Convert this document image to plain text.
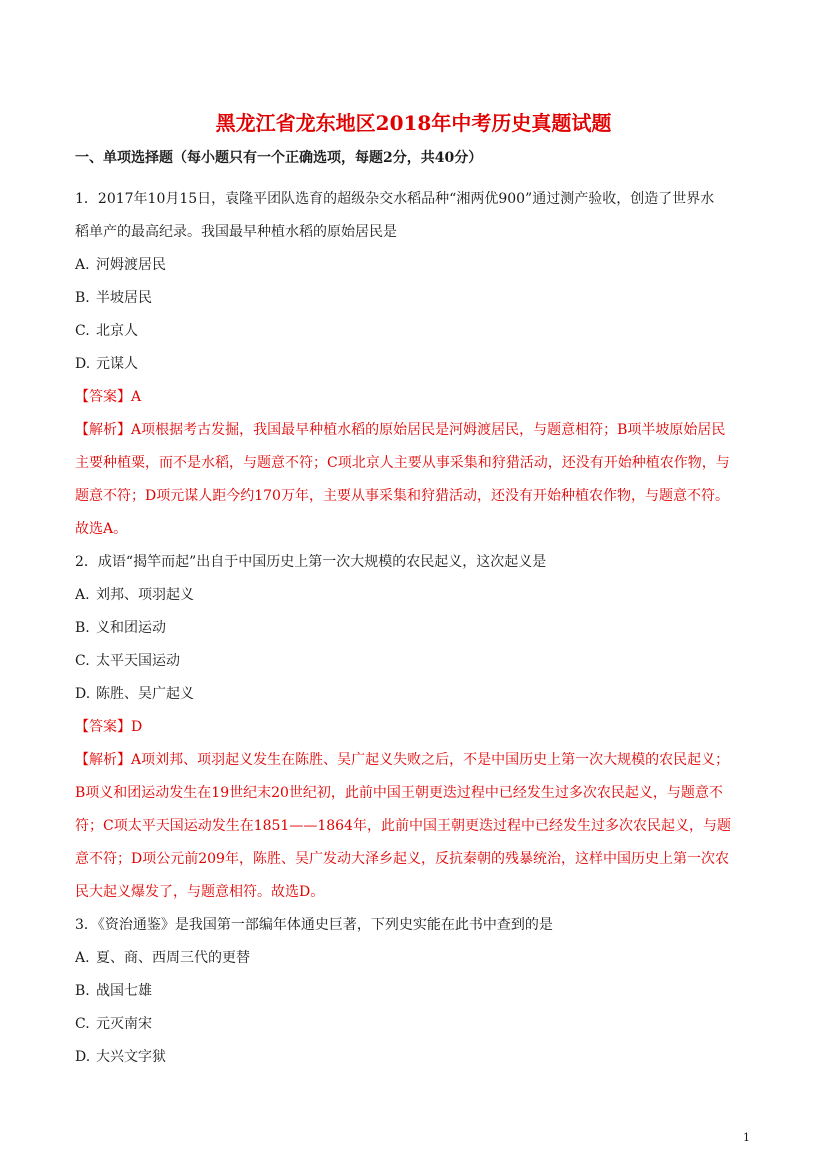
黑龙江省龙东地区2018年中考历史真题试题
一、单项选择题（每小题只有一个正确选项，每题2分，共40分）
1．2017年10月15日，袁隆平团队选育的超级杂交水稻品种“湘两优900”通过测产验收，创造了世界水
稻单产的最高纪录。我国最早种植水稻的原始居民是
A. 河姆渡居民
B. 半坡居民
C. 北京人
D. 元谋人
【答案】A
【解析】A项根据考古发掘，我国最早种植水稻的原始居民是河姆渡居民，与题意相符；B项半坡原始居民
主要种植粟，而不是水稻，与题意不符；C项北京人主要从事采集和狩猎活动，还没有开始种植农作物，与
题意不符；D项元谋人距今约170万年，主要从事采集和狩猎活动，还没有开始种植农作物，与题意不符。
故选A。
2．成语“揭竿而起”出自于中国历史上第一次大规模的农民起义，这次起义是
A. 刘邦、项羽起义
B. 义和团运动
C. 太平天国运动
D. 陈胜、吴广起义
【答案】D
【解析】A项刘邦、项羽起义发生在陈胜、吴广起义失败之后，不是中国历史上第一次大规模的农民起义；
B项义和团运动发生在19世纪末20世纪初，此前中国王朝更迭过程中已经发生过多次农民起义，与题意不
符；C项太平天国运动发生在1851——1864年，此前中国王朝更迭过程中已经发生过多次农民起义，与题
意不符；D项公元前209年，陈胜、吴广发动大泽乡起义，反抗秦朝的残暴统治，这样中国历史上第一次农
民大起义爆发了，与题意相符。故选D。
3．《资治通鉴》是我国第一部编年体通史巨著，下列史实能在此书中查到的是
A. 夏、商、西周三代的更替
B. 战国七雄
C. 元灭南宋
D. 大兴文字狱
1
